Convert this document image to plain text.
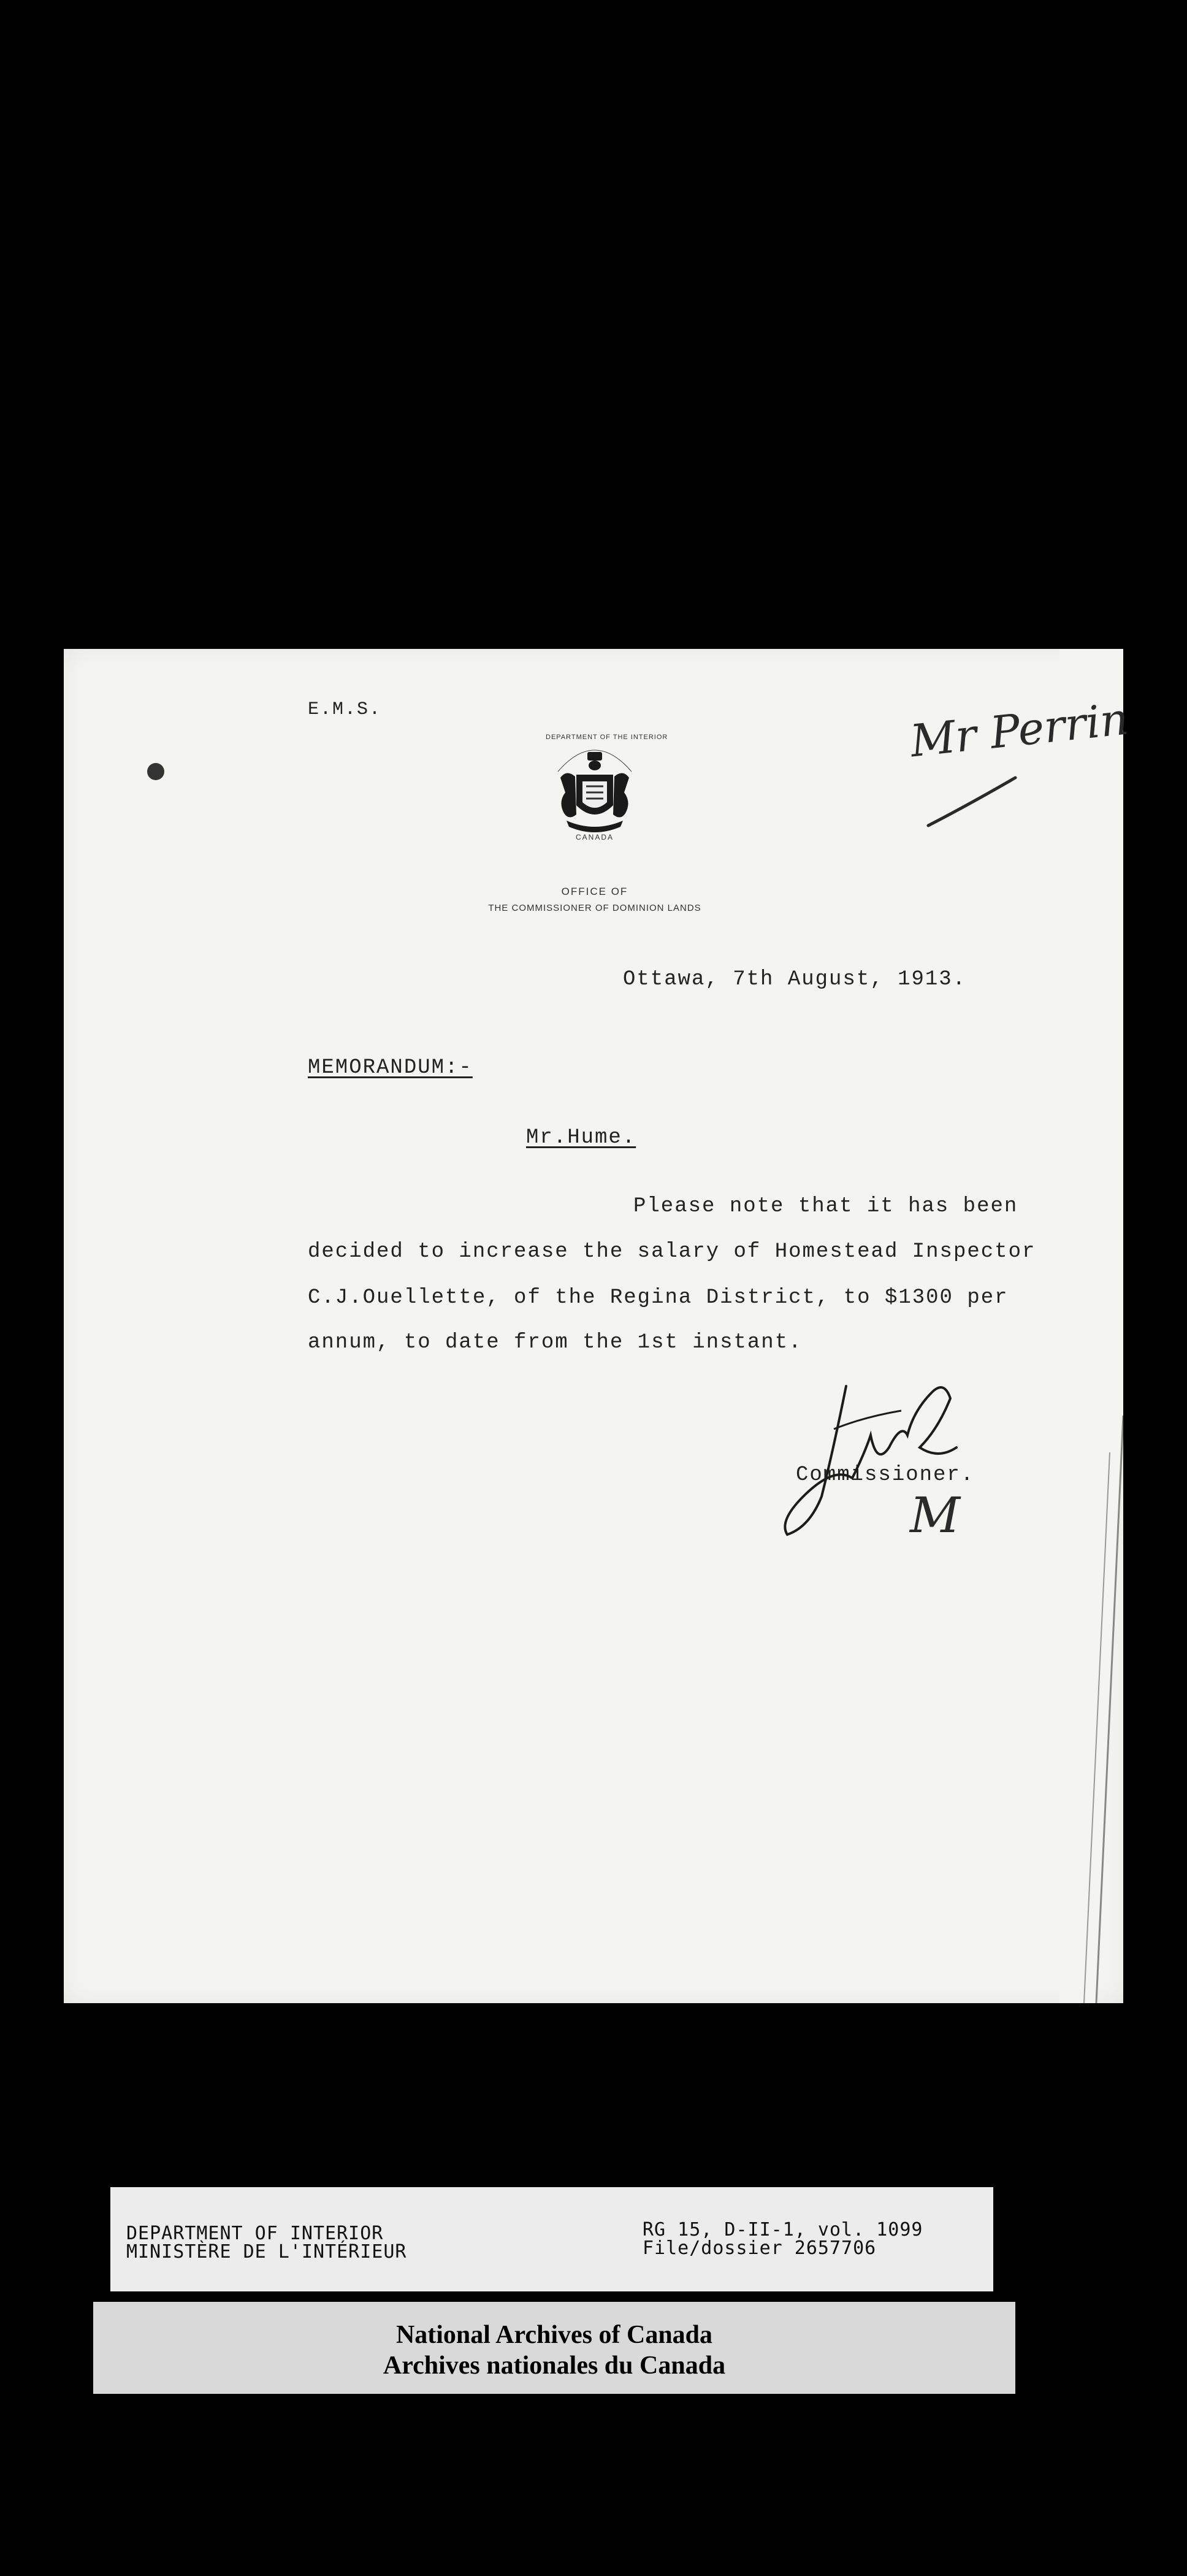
DEPARTMENT OF THE INTERIOR
CANADA
OFFICE OF
THE COMMISSIONER OF DOMINION LANDS
E.M.S.
Ottawa, 7th August, 1913.
MEMORANDUM:-
Mr.Hume.
Please note that it has been
decided to increase the salary of Homestead Inspector
C.J.Ouellette, of the Regina District, to $1300 per
annum, to date from the 1st instant.
Commissioner.
Mr Perrin
M
DEPARTMENT OF INTERIOR
MINISTÈRE DE L'INTÉRIEUR
RG 15, D-II-1, vol. 1099
File/dossier 2657706
National Archives of Canada
Archives nationales du Canada
